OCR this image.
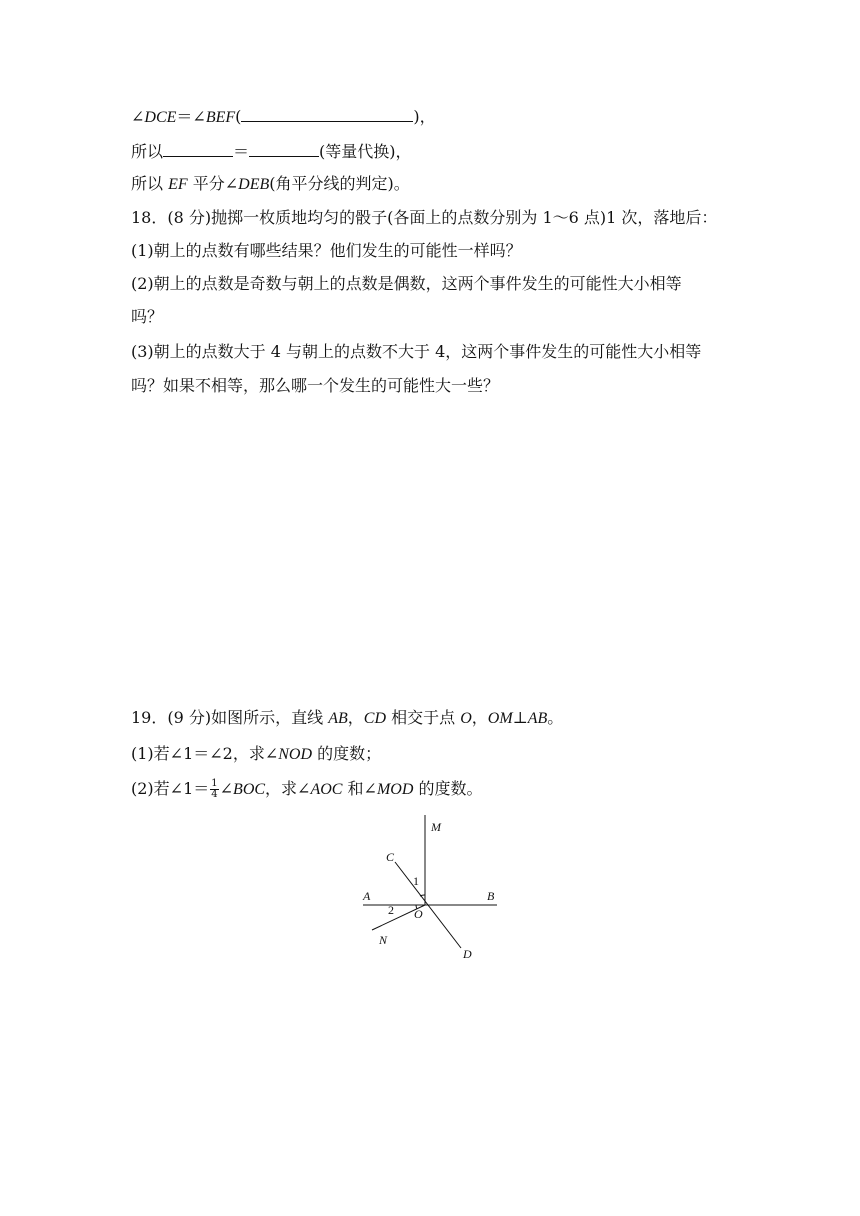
∠DCE＝∠BEF(	)，
所以	＝	(等量代换)，
所以 EF 平分∠DEB(角平分线的判定)。
18．(8 分)抛掷一枚质地均匀的骰子(各面上的点数分别为 1～6 点)1 次，落地后：
(1)朝上的点数有哪些结果？他们发生的可能性一样吗？
(2)朝上的点数是奇数与朝上的点数是偶数，这两个事件发生的可能性大小相等
吗？
(3)朝上的点数大于 4 与朝上的点数不大于 4，这两个事件发生的可能性大小相等
吗？如果不相等，那么哪一个发生的可能性大一些？
19．(9 分)如图所示，直线 AB，CD 相交于点 O，OM⊥AB。
(1)若∠1＝∠2，求∠NOD 的度数；
(2)若∠1＝ $\frac{1}{4}$ ∠BOC，求∠AOC 和∠MOD 的度数。
M
C
A	B
O
N
D
1
2
